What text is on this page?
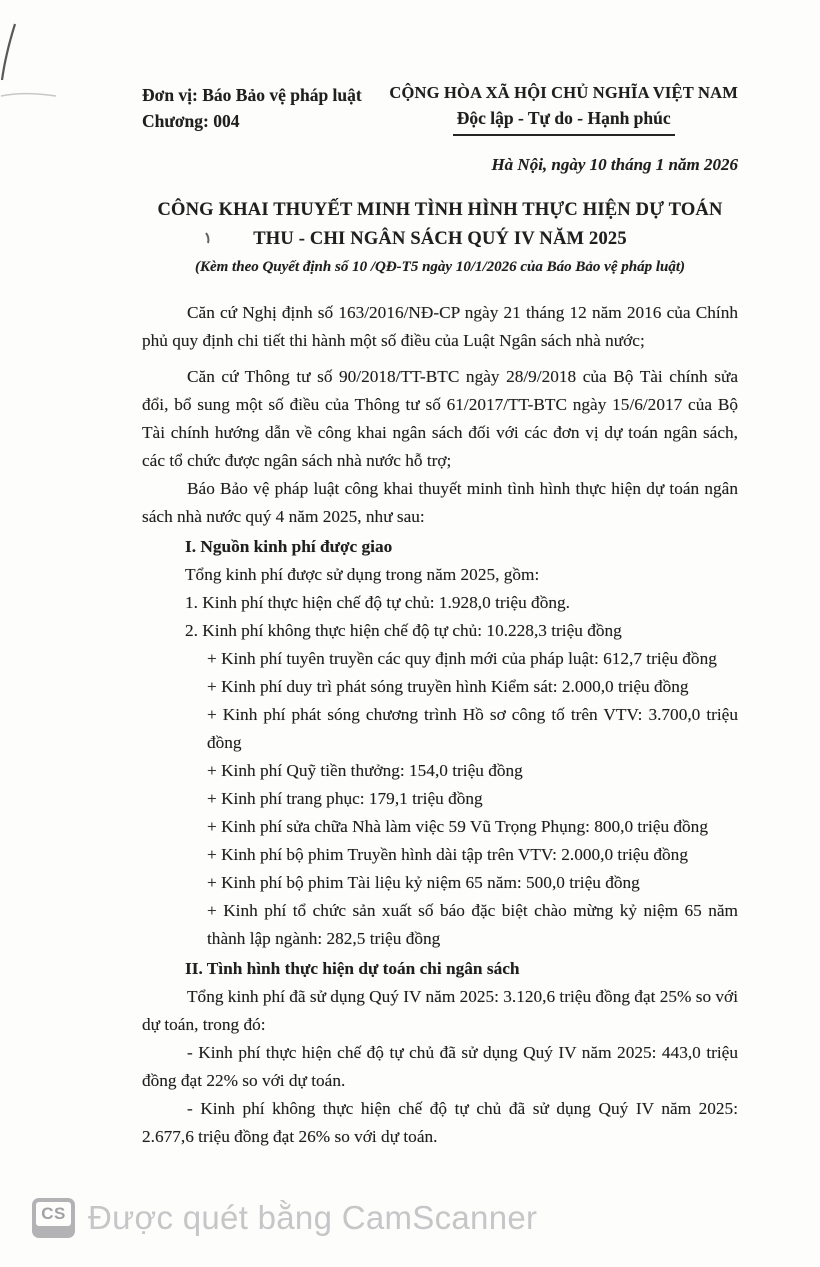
Đơn vị: Báo Bảo vệ pháp luật
Chương: 004
CỘNG HÒA XÃ HỘI CHỦ NGHĨA VIỆT NAM
Độc lập - Tự do - Hạnh phúc
Hà Nội, ngày 10 tháng 1 năm 2026
CÔNG KHAI THUYẾT MINH TÌNH HÌNH THỰC HIỆN DỰ TOÁN
THU - CHI NGÂN SÁCH QUÝ IV NĂM 2025
(Kèm theo Quyết định số 10 /QĐ-T5 ngày 10/1/2026 của Báo Bảo vệ pháp luật)

Căn cứ Nghị định số 163/2016/NĐ-CP ngày 21 tháng 12 năm 2016 của Chính phủ quy định chi tiết thi hành một số điều của Luật Ngân sách nhà nước;

Căn cứ Thông tư số 90/2018/TT-BTC ngày 28/9/2018 của Bộ Tài chính sửa đổi, bổ sung một số điều của Thông tư số 61/2017/TT-BTC ngày 15/6/2017 của Bộ Tài chính hướng dẫn về công khai ngân sách đối với các đơn vị dự toán ngân sách, các tổ chức được ngân sách nhà nước hỗ trợ;

Báo Bảo vệ pháp luật công khai thuyết minh tình hình thực hiện dự toán ngân sách nhà nước quý 4 năm 2025, như sau:

I. Nguồn kinh phí được giao

Tổng kinh phí được sử dụng trong năm 2025, gồm:

1. Kinh phí thực hiện chế độ tự chủ: 1.928,0 triệu đồng.

2. Kinh phí không thực hiện chế độ tự chủ: 10.228,3 triệu đồng

+ Kinh phí tuyên truyền các quy định mới của pháp luật: 612,7 triệu đồng

+ Kinh phí duy trì phát sóng truyền hình Kiểm sát: 2.000,0 triệu đồng

+ Kinh phí phát sóng chương trình Hồ sơ công tố trên VTV: 3.700,0 triệu đồng

+ Kinh phí Quỹ tiền thưởng: 154,0 triệu đồng

+ Kinh phí trang phục: 179,1 triệu đồng

+ Kinh phí sửa chữa Nhà làm việc 59 Vũ Trọng Phụng: 800,0 triệu đồng

+ Kinh phí bộ phim Truyền hình dài tập trên VTV: 2.000,0 triệu đồng

+ Kinh phí bộ phim Tài liệu kỷ niệm 65 năm: 500,0 triệu đồng

+ Kinh phí tổ chức sản xuất số báo đặc biệt chào mừng kỷ niệm 65 năm thành lập ngành: 282,5 triệu đồng

II. Tình hình thực hiện dự toán chi ngân sách

Tổng kinh phí đã sử dụng Quý IV năm 2025: 3.120,6 triệu đồng đạt 25% so với dự toán, trong đó:

- Kinh phí thực hiện chế độ tự chủ đã sử dụng Quý IV năm 2025: 443,0 triệu đồng đạt 22% so với dự toán.

- Kinh phí không thực hiện chế độ tự chủ đã sử dụng Quý IV năm 2025: 2.677,6 triệu đồng đạt 26% so với dự toán.

CS Được quét bằng CamScanner
